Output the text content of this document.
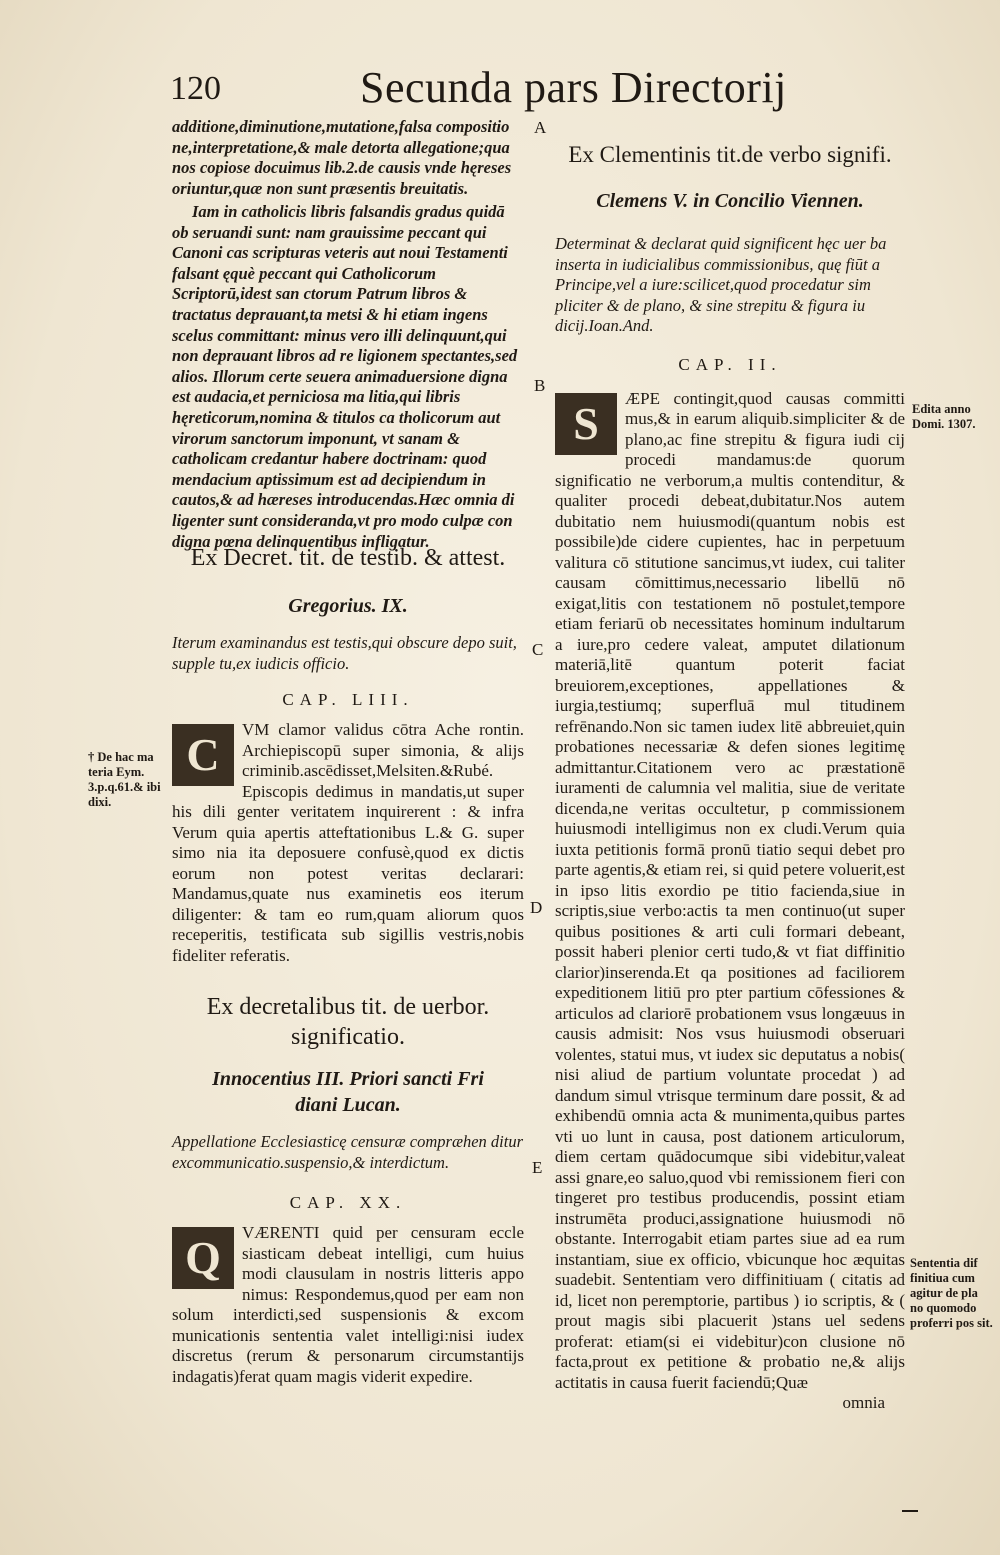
120	Secunda pars Directorij

additione,diminutione,mutatione,falsa compositio ne,interpretatione,& male detorta allegatione;qua nos copiose docuimus lib.2.de causis vnde hęreses oriuntur,quæ non sunt præsentis breuitatis.

Iam in catholicis libris falsandis gradus quidā ob seruandi sunt: nam grauissime peccant qui Canoni cas scripturas veteris aut noui Testamenti falsant ęquè peccant qui Catholicorum Scriptorū,idest san ctorum Patrum libros & tractatus deprauant,ta metsi & hi etiam ingens scelus committant: minus vero illi delinquunt,qui non deprauant libros ad re ligionem spectantes,sed alios. Illorum certe seuera animaduersione digna est audacia,et perniciosa ma litia,qui libris hęreticorum,nomina & titulos ca tholicorum aut virorum sanctorum imponunt, vt sanam & catholicam credantur habere doctrinam: quod mendacium aptissimum est ad decipiendum in cautos,& ad hæreses introducendas.Hæc omnia di ligenter sunt consideranda,vt pro modo culpæ con digna pœna delinquentibus infligatur.

Ex Decret. tit. de testib. & attest.

Gregorius. IX.

Iterum examinandus est testis,qui obscure depo suit, supple tu,ex iudicis officio.

CAP. LIII.

C	VM clamor validus cōtra Ache rontin. Archiepiscopū super simonia, & alijs criminib.ascēdisset,Melsiten.&Rubé. Episcopis dedimus in mandatis,ut super his dili genter veritatem inquirerent : & infra Verum quia apertis atteftationibus L.& G. super simo nia ita deposuere confusè,quod ex dictis eorum non potest veritas declarari: Mandamus,quate nus examinetis eos iterum diligenter: & tam eo rum,quam aliorum quos receperitis, testificata sub sigillis vestris,nobis fideliter referatis.

Ex decretalibus tit. de uerbor.

significatio.

Innocentius III. Priori sancti Fri

diani Lucan.

Appellatione Ecclesiasticę censuræ compræhen ditur excommunicatio.suspensio,& interdictum.

CAP. XX.

Q	VÆRENTI quid per censuram eccle siasticam debeat intelligi, cum huius modi clausulam in nostris litteris appo nimus: Respondemus,quod per eam non solum interdicti,sed suspensionis & excom municationis sententia valet intelligi:nisi iudex discretus (rerum & personarum circumstantijs indagatis)ferat quam magis viderit expedire.

Ex Clementinis tit.de verbo signifi.

Clemens V. in Concilio Viennen.

Determinat & declarat quid significent hęc uer ba inserta in iudicialibus commissionibus, quę fiūt a Principe,vel a iure:scilicet,quod procedatur sim pliciter & de plano, & sine strepitu & figura iu dicij.Ioan.And.

CAP. II.

S	ÆPE contingit,quod causas committi mus,& in earum aliquib.simpliciter & de plano,ac fine strepitu & figura iudi cij procedi mandamus:de quorum significatio ne verborum,a multis contenditur, & qualiter procedi debeat,dubitatur.Nos autem dubitatio nem huiusmodi(quantum nobis est possibile)de cidere cupientes, hac in perpetuum valitura cō stitutione sancimus,vt iudex, cui taliter causam cōmittimus,necessario libellū nō exigat,litis con testationem nō postulet,tempore etiam feriarū ob necessitates hominum indultarum a iure,pro cedere valeat, amputet dilationum materiā,litē quantum poterit faciat breuiorem,exceptiones, appellationes & iurgia,testiumq; superfluā mul titudinem refrēnando.Non sic tamen iudex litē abbreuiet,quin probationes necessariæ & defen siones legitimę admittantur.Citationem vero ac præstationē iuramenti de calumnia vel malitia, siue de veritate dicenda,ne veritas occultetur, p commissionem huiusmodi intelligimus non ex cludi.Verum quia iuxta petitionis formā pronū tiatio sequi debet pro parte agentis,& etiam rei, si quid petere voluerit,est in ipso litis exordio pe titio facienda,siue in scriptis,siue verbo:actis ta men continuo(ut super quibus positiones & arti culi formari debeant, possit haberi plenior certi tudo,& vt fiat diffinitio clarior)inserenda.Et qa positiones ad faciliorem expeditionem litiū pro pter partium cōfessiones & articulos ad clariorē probationem vsus longæuus in causis admisit: Nos vsus huiusmodi obseruari volentes, statui mus, vt iudex sic deputatus a nobis( nisi aliud de partium voluntate procedat ) ad dandum simul vtrisque terminum dare possit, & ad exhibendū omnia acta & munimenta,quibus partes vti uo lunt in causa, post dationem articulorum, diem certam quādocumque sibi videbitur,valeat assi gnare,eo saluo,quod vbi remissionem fieri con tingeret pro testibus producendis, possint etiam instrumēta produci,assignatione huiusmodi nō obstante. Interrogabit etiam partes siue ad ea rum instantiam, siue ex officio, vbicunque hoc æquitas suadebit. Sententiam vero diffinitiuam ( citatis ad id, licet non peremptorie, partibus ) io scriptis, & ( prout magis sibi placuerit )stans uel sedens proferat: etiam(si ei videbitur)con clusione nō facta,prout ex petitione & probatio ne,& alijs actitatis in causa fuerit faciendū;Quæ

omnia

A
B
C
D
E
† De hac ma teria Eym. 3.p.q.61.& ibi dixi.
Edita anno Domi. 1307.
Sententia dif finitiua cum agitur de pla no quomodo proferri pos sit.
